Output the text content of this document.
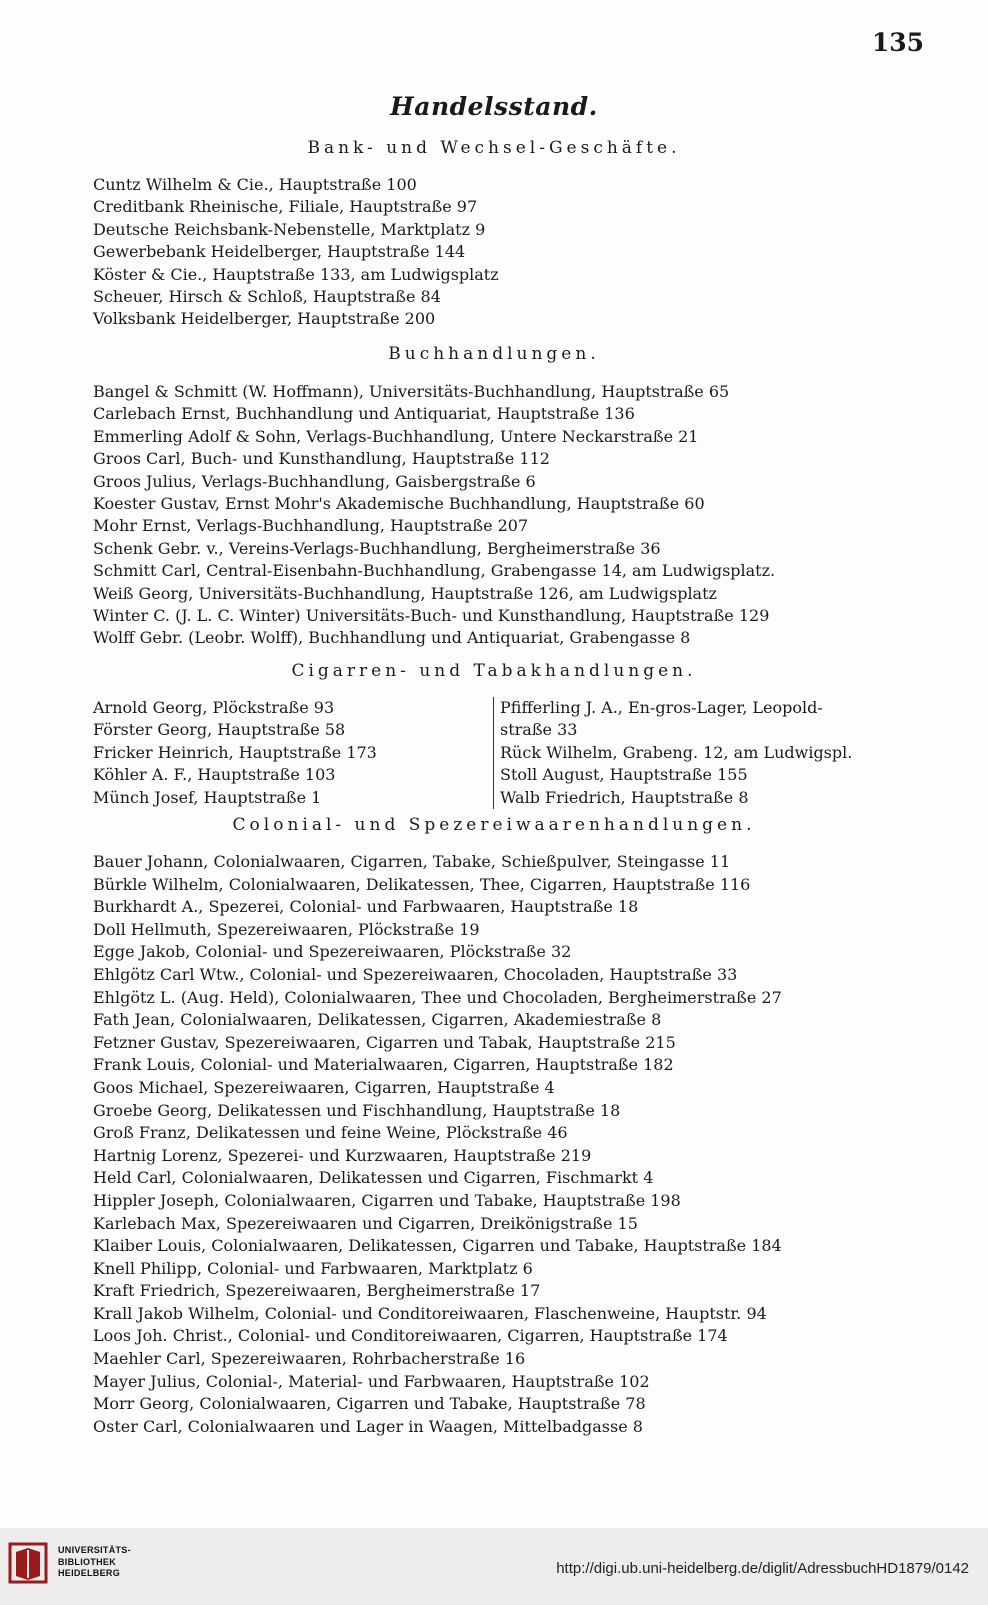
135
Handelsstand.
Bank- und Wechsel-Geschäfte.
Cuntz Wilhelm & Cie., Hauptstraße 100
Creditbank Rheinische, Filiale, Hauptstraße 97
Deutsche Reichsbank-Nebenstelle, Marktplatz 9
Gewerbebank Heidelberger, Hauptstraße 144
Köster & Cie., Hauptstraße 133, am Ludwigsplatz
Scheuer, Hirsch & Schloß, Hauptstraße 84
Volksbank Heidelberger, Hauptstraße 200
Buchhandlungen.
Bangel & Schmitt (W. Hoffmann), Universitäts-Buchhandlung, Hauptstraße 65
Carlebach Ernst, Buchhandlung und Antiquariat, Hauptstraße 136
Emmerling Adolf & Sohn, Verlags-Buchhandlung, Untere Neckarstraße 21
Groos Carl, Buch- und Kunsthandlung, Hauptstraße 112
Groos Julius, Verlags-Buchhandlung, Gaisbergstraße 6
Koester Gustav, Ernst Mohr's Akademische Buchhandlung, Hauptstraße 60
Mohr Ernst, Verlags-Buchhandlung, Hauptstraße 207
Schenk Gebr. v., Vereins-Verlags-Buchhandlung, Bergheimerstraße 36
Schmitt Carl, Central-Eisenbahn-Buchhandlung, Grabengasse 14, am Ludwigsplatz.
Weiß Georg, Universitäts-Buchhandlung, Hauptstraße 126, am Ludwigsplatz
Winter C. (J. L. C. Winter) Universitäts-Buch- und Kunsthandlung, Hauptstraße 129
Wolff Gebr. (Leobr. Wolff), Buchhandlung und Antiquariat, Grabengasse 8
Cigarren- und Tabakhandlungen.
Arnold Georg, Plöckstraße 93
Förster Georg, Hauptstraße 58
Fricker Heinrich, Hauptstraße 173
Köhler A. F., Hauptstraße 103
Münch Josef, Hauptstraße 1
Pfifferling J. A., En-gros-Lager, Leopold-
straße 33
Rück Wilhelm, Grabeng. 12, am Ludwigspl.
Stoll August, Hauptstraße 155
Walb Friedrich, Hauptstraße 8
Colonial- und Spezereiwaarenhandlungen.
Bauer Johann, Colonialwaaren, Cigarren, Tabake, Schießpulver, Steingasse 11
Bürkle Wilhelm, Colonialwaaren, Delikatessen, Thee, Cigarren, Hauptstraße 116
Burkhardt A., Spezerei, Colonial- und Farbwaaren, Hauptstraße 18
Doll Hellmuth, Spezereiwaaren, Plöckstraße 19
Egge Jakob, Colonial- und Spezereiwaaren, Plöckstraße 32
Ehlgötz Carl Wtw., Colonial- und Spezereiwaaren, Chocoladen, Hauptstraße 33
Ehlgötz L. (Aug. Held), Colonialwaaren, Thee und Chocoladen, Bergheimerstraße 27
Fath Jean, Colonialwaaren, Delikatessen, Cigarren, Akademiestraße 8
Fetzner Gustav, Spezereiwaaren, Cigarren und Tabak, Hauptstraße 215
Frank Louis, Colonial- und Materialwaaren, Cigarren, Hauptstraße 182
Goos Michael, Spezereiwaaren, Cigarren, Hauptstraße 4
Groebe Georg, Delikatessen und Fischhandlung, Hauptstraße 18
Groß Franz, Delikatessen und feine Weine, Plöckstraße 46
Hartnig Lorenz, Spezerei- und Kurzwaaren, Hauptstraße 219
Held Carl, Colonialwaaren, Delikatessen und Cigarren, Fischmarkt 4
Hippler Joseph, Colonialwaaren, Cigarren und Tabake, Hauptstraße 198
Karlebach Max, Spezereiwaaren und Cigarren, Dreikönigstraße 15
Klaiber Louis, Colonialwaaren, Delikatessen, Cigarren und Tabake, Hauptstraße 184
Knell Philipp, Colonial- und Farbwaaren, Marktplatz 6
Kraft Friedrich, Spezereiwaaren, Bergheimerstraße 17
Krall Jakob Wilhelm, Colonial- und Conditoreiwaaren, Flaschenweine, Hauptstr. 94
Loos Joh. Christ., Colonial- und Conditoreiwaaren, Cigarren, Hauptstraße 174
Maehler Carl, Spezereiwaaren, Rohrbacherstraße 16
Mayer Julius, Colonial-, Material- und Farbwaaren, Hauptstraße 102
Morr Georg, Colonialwaaren, Cigarren und Tabake, Hauptstraße 78
Oster Carl, Colonialwaaren und Lager in Waagen, Mittelbadgasse 8
UNIVERSITÄTS-
BIBLIOTHEK
HEIDELBERG	http://digi.ub.uni-heidelberg.de/diglit/AdressbuchHD1879/0142
